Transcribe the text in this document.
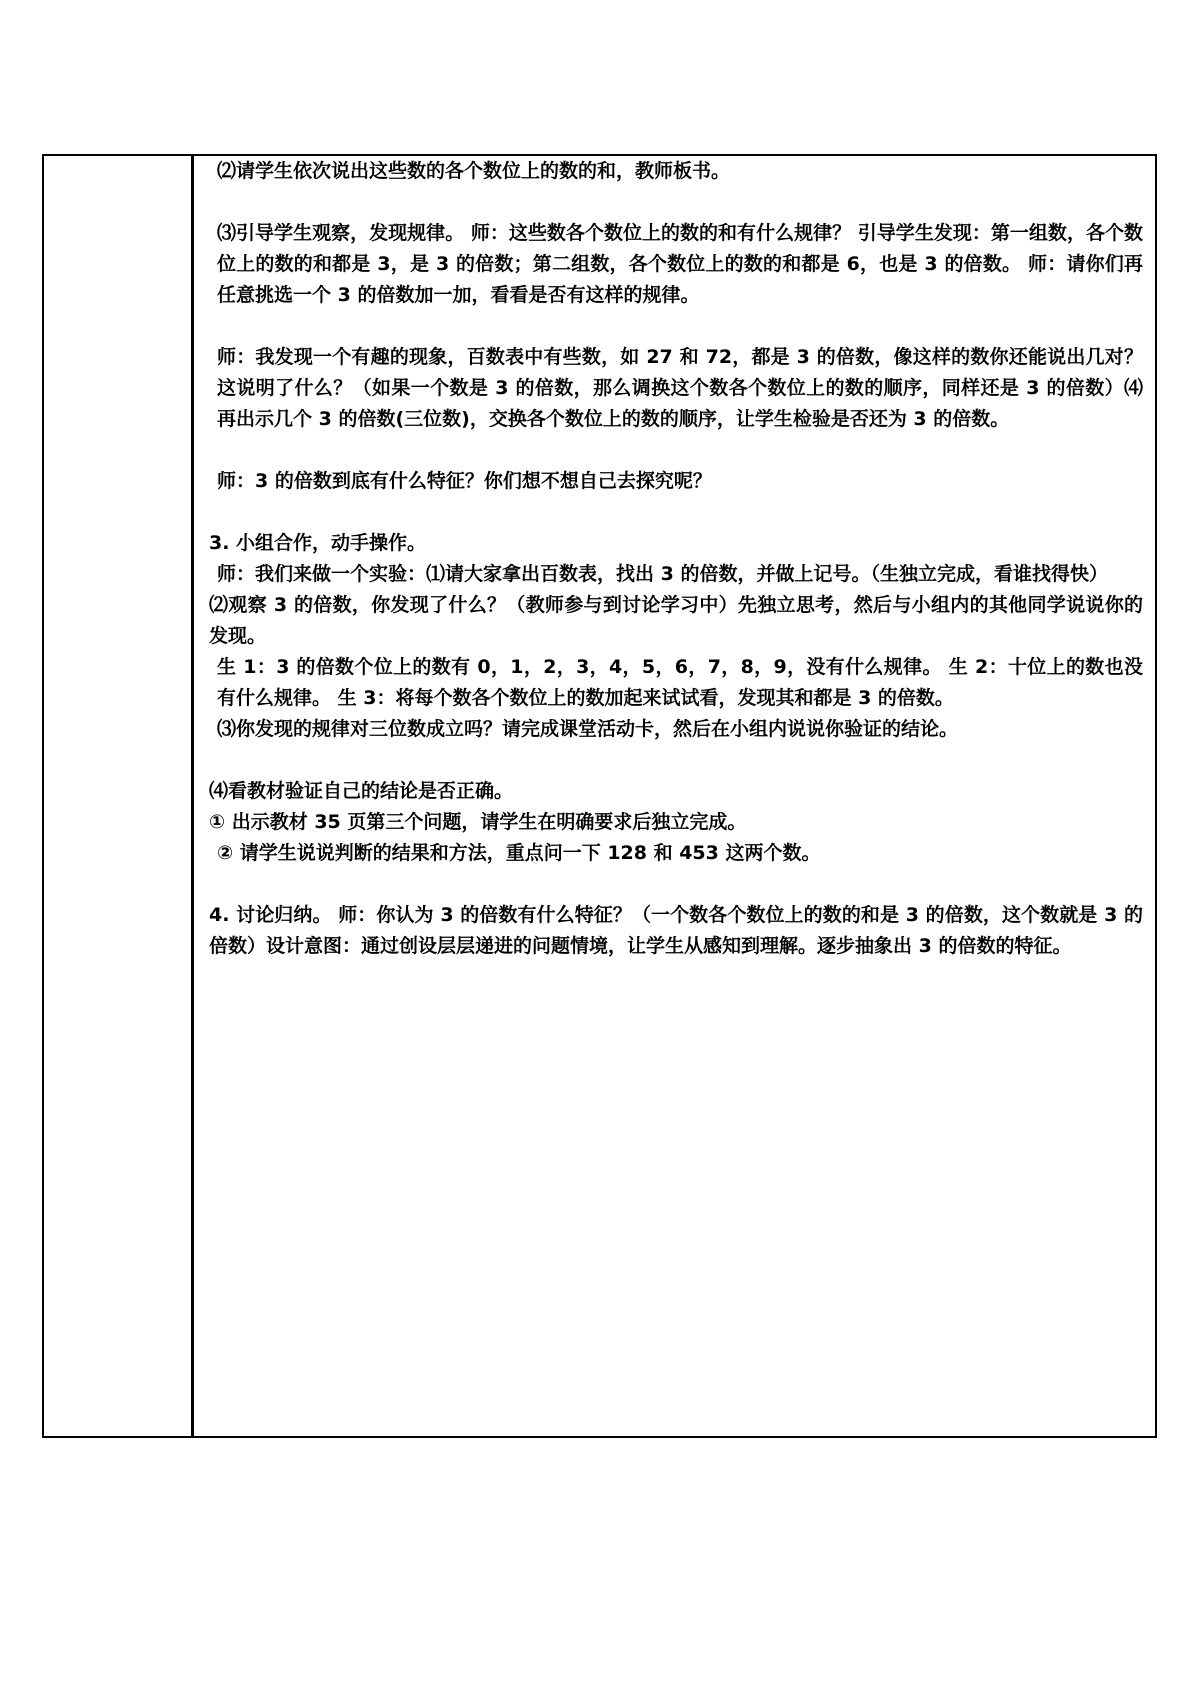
⑵请学生依次说出这些数的各个数位上的数的和，教师板书。

⑶引导学生观察，发现规律。 师：这些数各个数位上的数的和有什么规律？ 引导学生发现：第一组数，各个数位上的数的和都是 3，是 3 的倍数；第二组数，各个数位上的数的和都是 6，也是 3 的倍数。 师：请你们再任意挑选一个 3 的倍数加一加，看看是否有这样的规律。

师：我发现一个有趣的现象，百数表中有些数，如 27 和 72，都是 3 的倍数，像这样的数你还能说出几对？这说明了什么？（如果一个数是 3 的倍数，那么调换这个数各个数位上的数的顺序，同样还是 3 的倍数）⑷再出示几个 3 的倍数(三位数)，交换各个数位上的数的顺序，让学生检验是否还为 3 的倍数。

师：3 的倍数到底有什么特征？你们想不想自己去探究呢？

3. 小组合作，动手操作。

师：我们来做一个实验：⑴请大家拿出百数表，找出 3 的倍数，并做上记号。（生独立完成，看谁找得快）

⑵观察 3 的倍数，你发现了什么？（教师参与到讨论学习中）先独立思考，然后与小组内的其他同学说说你的发现。

生 1：3 的倍数个位上的数有 0，1，2，3，4，5，6，7，8，9，没有什么规律。 生 2：十位上的数也没有什么规律。 生 3：将每个数各个数位上的数加起来试试看，发现其和都是 3 的倍数。

⑶你发现的规律对三位数成立吗？请完成课堂活动卡，然后在小组内说说你验证的结论。

⑷看教材验证自己的结论是否正确。

① 出示教材 35 页第三个问题，请学生在明确要求后独立完成。

② 请学生说说判断的结果和方法，重点问一下 128 和 453 这两个数。

4. 讨论归纳。 师：你认为 3 的倍数有什么特征？（一个数各个数位上的数的和是 3 的倍数，这个数就是 3 的倍数）设计意图：通过创设层层递进的问题情境，让学生从感知到理解。逐步抽象出 3 的倍数的特征。
